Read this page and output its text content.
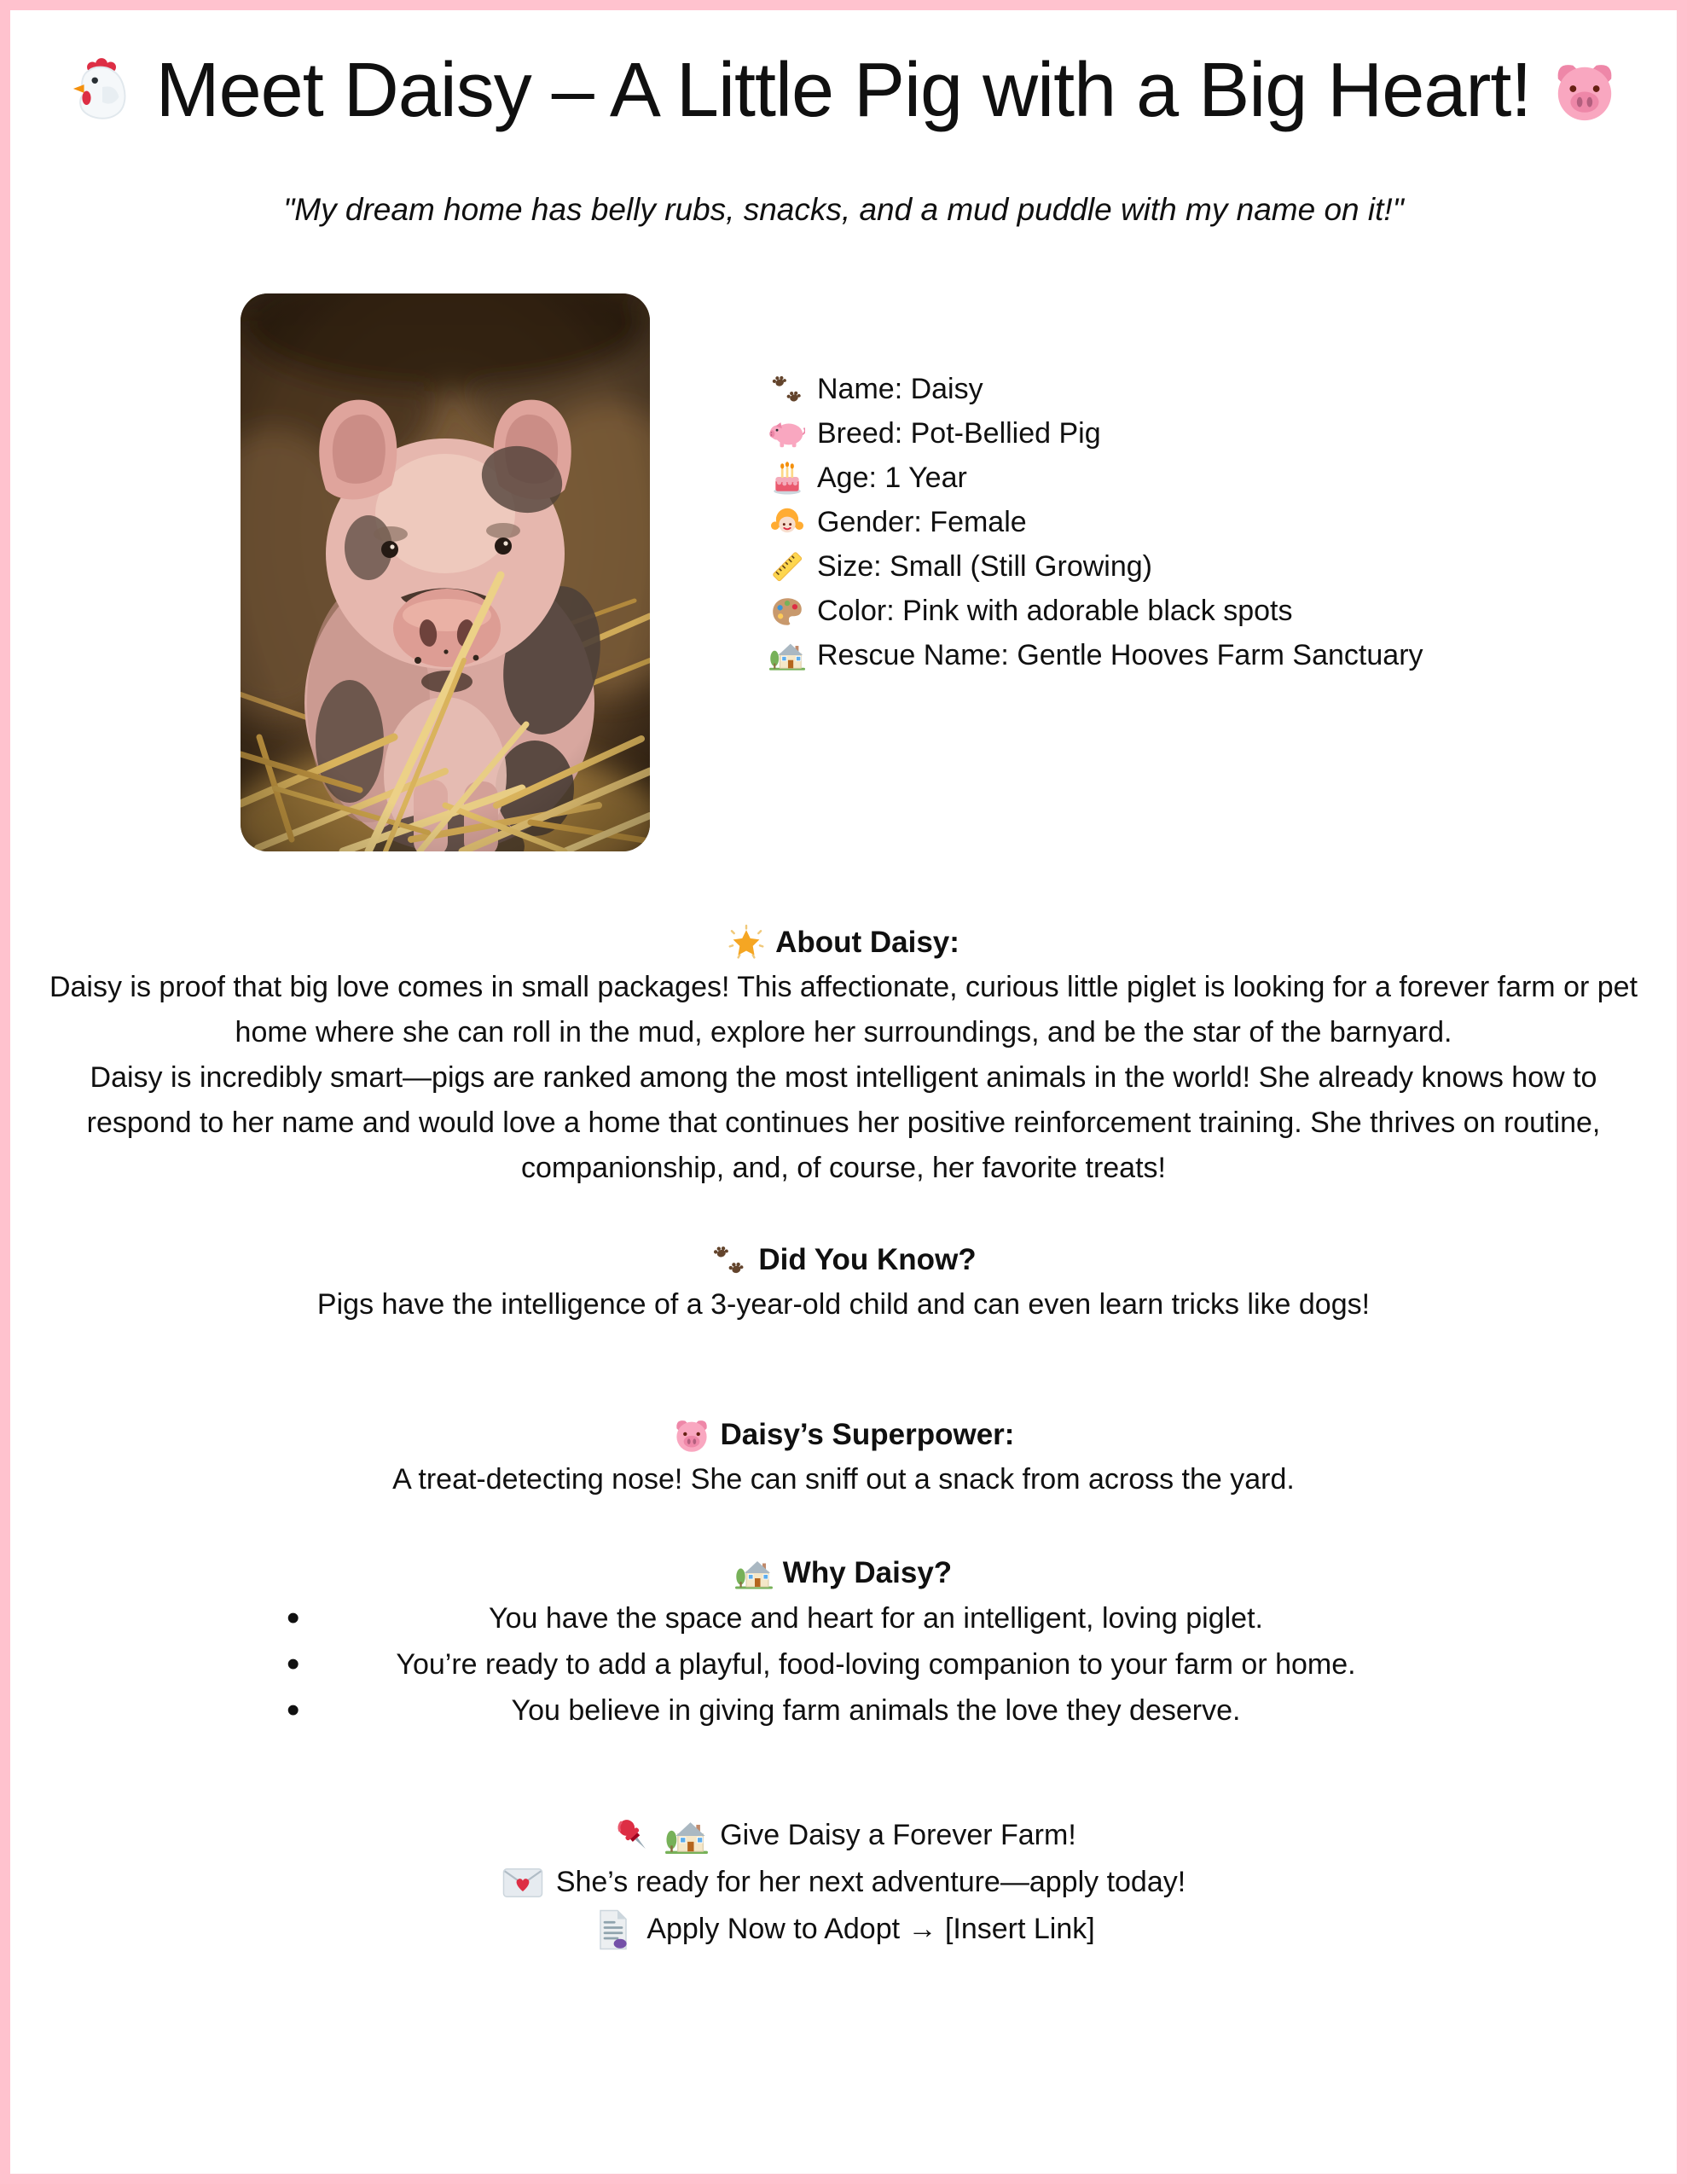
Meet Daisy – A Little Pig with a Big Heart!

"My dream home has belly rubs, snacks, and a mud puddle with my name on it!"

Name: Daisy
Breed: Pot-Bellied Pig
Age: 1 Year
Gender: Female
Size: Small (Still Growing)
Color: Pink with adorable black spots
Rescue Name: Gentle Hooves Farm Sanctuary
About Daisy:

Daisy is proof that big love comes in small packages! This affectionate, curious little piglet is looking for a forever farm or pet home where she can roll in the mud, explore her surroundings, and be the star of the barnyard.

Daisy is incredibly smart—pigs are ranked among the most intelligent animals in the world! She already knows how to respond to her name and would love a home that continues her positive reinforcement training. She thrives on routine, companionship, and, of course, her favorite treats!

Did You Know?

Pigs have the intelligence of a 3-year-old child and can even learn tricks like dogs!

Daisy’s Superpower:

A treat-detecting nose! She can sniff out a snack from across the yard.

Why Daisy?
• You have the space and heart for an intelligent, loving piglet.
• You’re ready to add a playful, food-loving companion to your farm or home.
• You believe in giving farm animals the love they deserve.
Give Daisy a Forever Farm!
She’s ready for her next adventure—apply today!
Apply Now to Adopt → [Insert Link]
